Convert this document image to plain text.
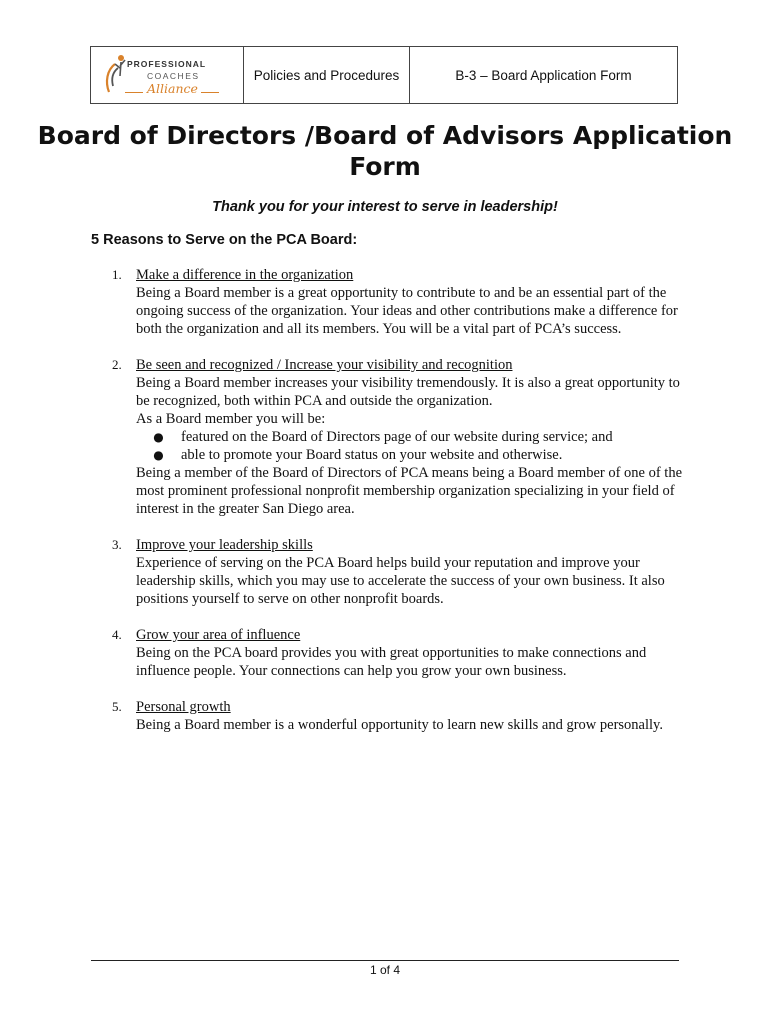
PROFESSIONAL
COACHES
Alliance
Policies and Procedures	B-3 – Board Application Form
Board of Directors /Board of Advisors Application Form
Thank you for your interest to serve in leadership!
5 Reasons to Serve on the PCA Board:
1. Make a difference in the organization
Being a Board member is a great opportunity to contribute to and be an essential part of the ongoing success of the organization. Your ideas and other contributions make a difference for both the organization and all its members. You will be a vital part of PCA’s success.
2. Be seen and recognized / Increase your visibility and recognition
Being a Board member increases your visibility tremendously. It is also a great opportunity to be recognized, both within PCA and outside the organization.
As a Board member you will be:
●	featured on the Board of Directors page of our website during service; and
●	able to promote your Board status on your website and otherwise.
Being a member of the Board of Directors of PCA means being a Board member of one of the most prominent professional nonprofit membership organization specializing in your field of interest in the greater San Diego area.
3. Improve your leadership skills
Experience of serving on the PCA Board helps build your reputation and improve your leadership skills, which you may use to accelerate the success of your own business. It also positions yourself to serve on other nonprofit boards.
4. Grow your area of influence
Being on the PCA board provides you with great opportunities to make connections and influence people. Your connections can help you grow your own business.
5. Personal growth
Being a Board member is a wonderful opportunity to learn new skills and grow personally.
1 of 4
